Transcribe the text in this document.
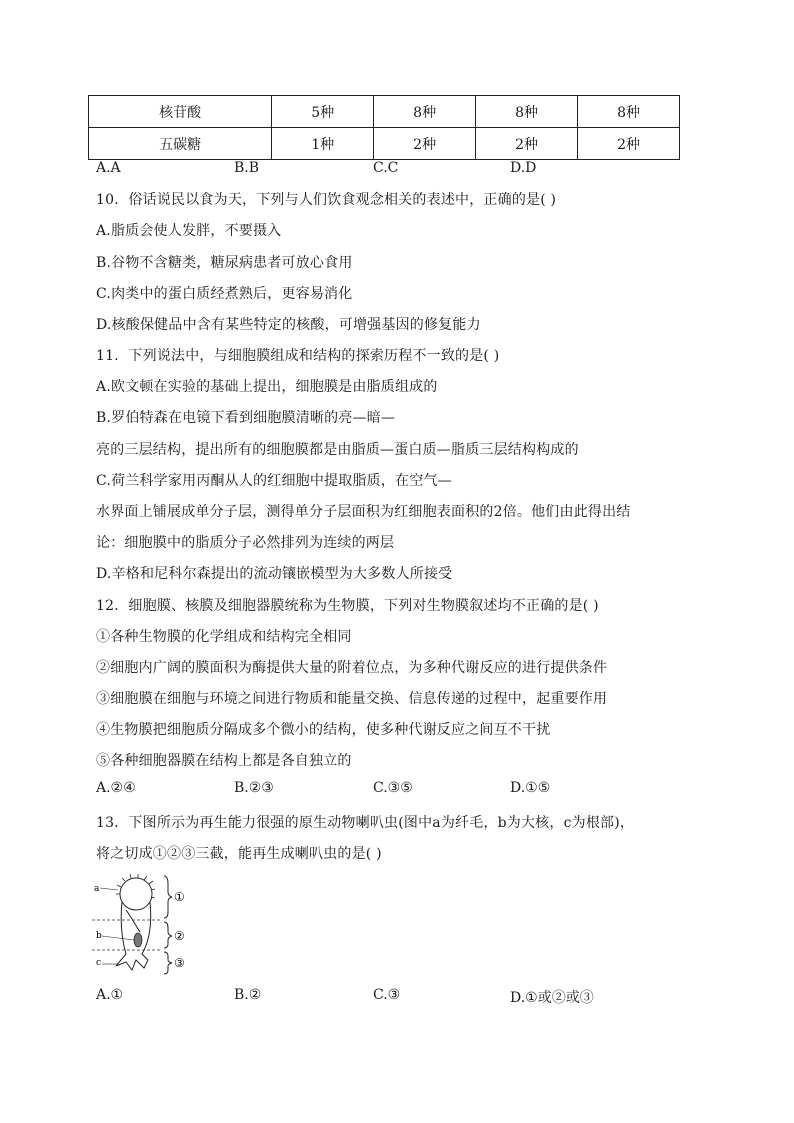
核苷酸	5种	8种	8种	8种
五碳糖	1种	2种	2种	2种
A.A	B.B	C.C	D.D
10．俗话说民以食为天，下列与人们饮食观念相关的表述中，正确的是( )
A.脂质会使人发胖，不要摄入
B.谷物不含糖类，糖尿病患者可放心食用
C.肉类中的蛋白质经煮熟后，更容易消化
D.核酸保健品中含有某些特定的核酸，可增强基因的修复能力
11．下列说法中，与细胞膜组成和结构的探索历程不一致的是( )
A.欧文顿在实验的基础上提出，细胞膜是由脂质组成的
B.罗伯特森在电镜下看到细胞膜清晰的亮—暗—
亮的三层结构，提出所有的细胞膜都是由脂质—蛋白质—脂质三层结构构成的
C.荷兰科学家用丙酮从人的红细胞中提取脂质，在空气—
水界面上铺展成单分子层，测得单分子层面积为红细胞表面积的2倍。他们由此得出结
论：细胞膜中的脂质分子必然排列为连续的两层
D.辛格和尼科尔森提出的流动镶嵌模型为大多数人所接受
12．细胞膜、核膜及细胞器膜统称为生物膜，下列对生物膜叙述均不正确的是( )
①各种生物膜的化学组成和结构完全相同
②细胞内广阔的膜面积为酶提供大量的附着位点，为多种代谢反应的进行提供条件
③细胞膜在细胞与环境之间进行物质和能量交换、信息传递的过程中，起重要作用
④生物膜把细胞质分隔成多个微小的结构，使多种代谢反应之间互不干扰
⑤各种细胞器膜在结构上都是各自独立的
A.②④	B.②③	C.③⑤	D.①⑤
13．下图所示为再生能力很强的原生动物喇叭虫(图中a为纤毛，b为大核，c为根部)，
将之切成①②③三截，能再生成喇叭虫的是( )
a
b
c
①
②
③
A.①	B.②	C.③	D.①或②或③
